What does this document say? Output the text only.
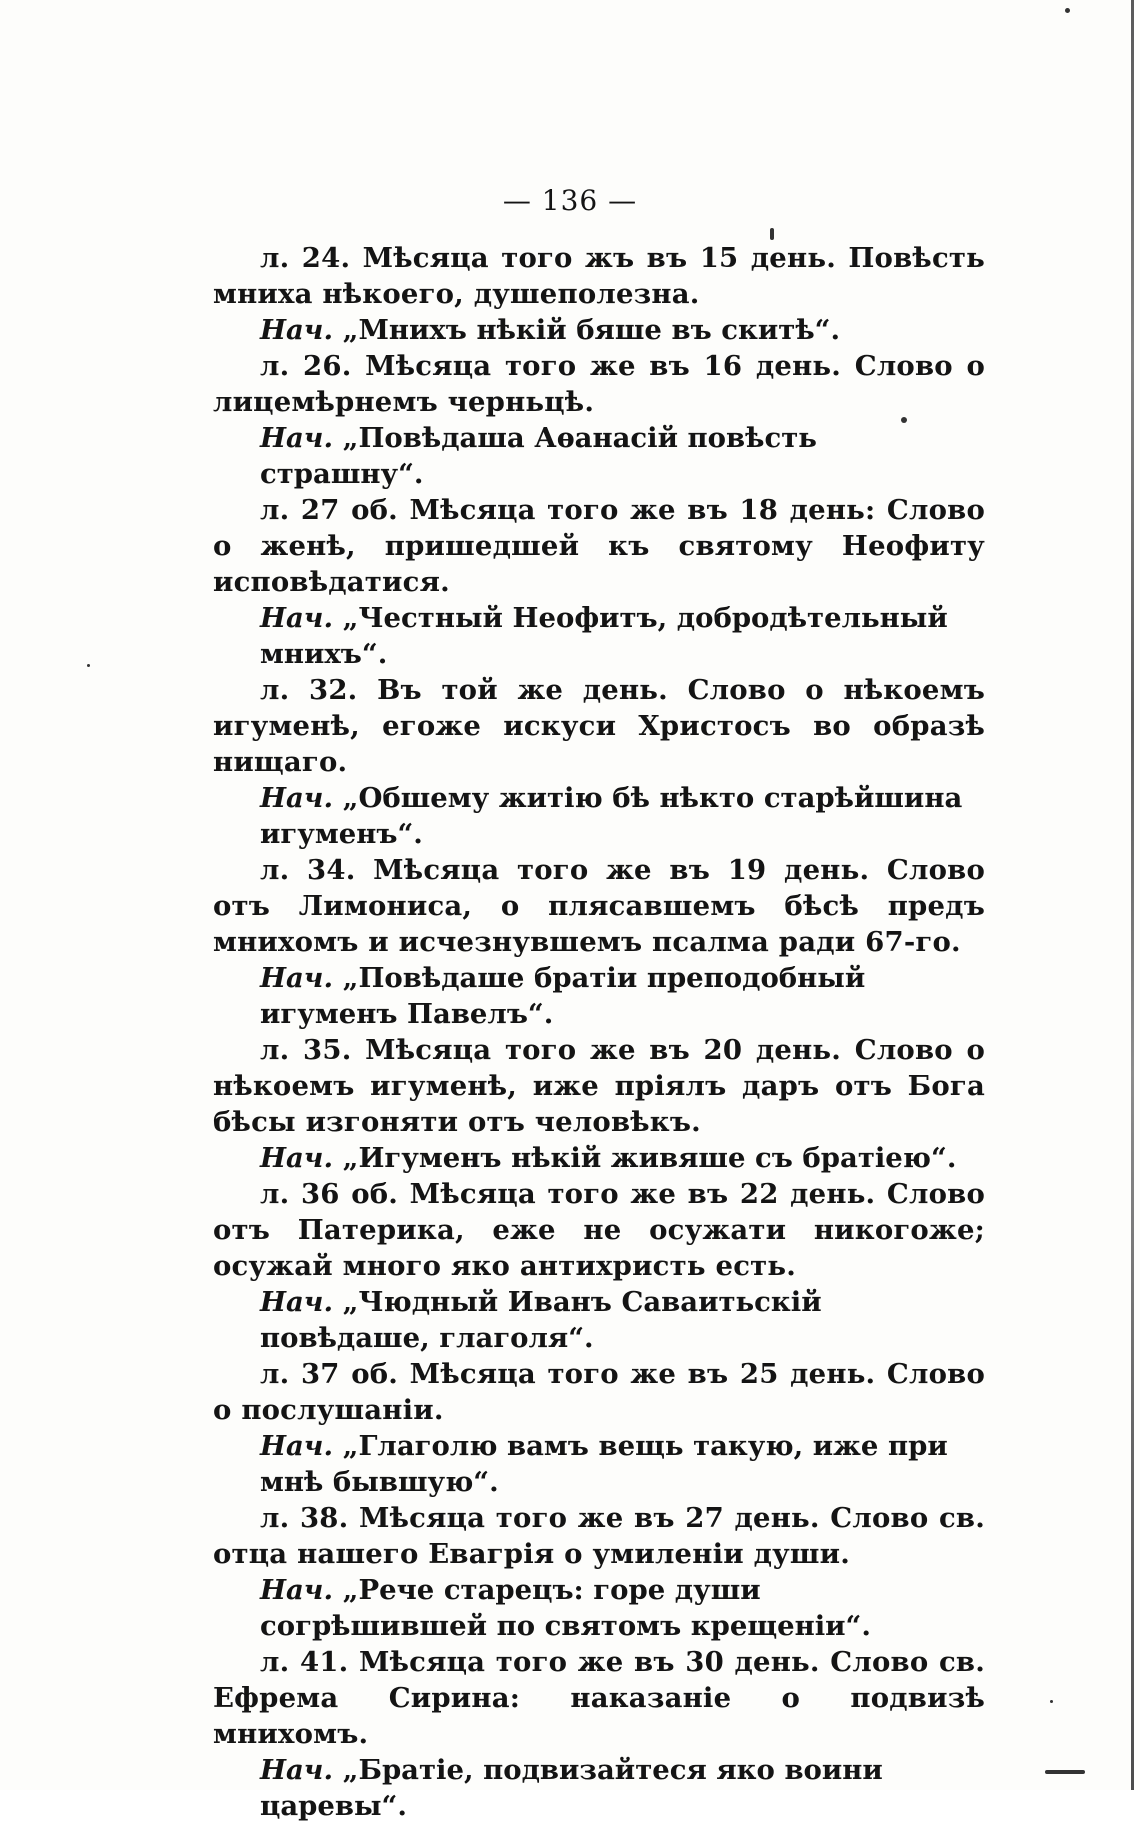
— 136 —

л. 24. Мѣсяца того жъ въ 15 день. Повѣсть мниха нѣкоего, душеполезна.

Нач. „Мнихъ нѣкій бяше въ скитѣ“.

л. 26. Мѣсяца того же въ 16 день. Слово о лицемѣрнемъ черньцѣ.

Нач. „Повѣдаша Аѳанасій повѣсть страшну“.

л. 27 об. Мѣсяца того же въ 18 день: Слово о женѣ, пришедшей къ святому Неофиту исповѣдатися.

Нач. „Честный Неофитъ, добродѣтельный мнихъ“.

л. 32. Въ той же день. Слово о нѣкоемъ игуменѣ, егоже искуси Христосъ во образѣ нищаго.

Нач. „Обшему житію бѣ нѣкто старѣйшина игуменъ“.

л. 34. Мѣсяца того же въ 19 день. Слово отъ Лимониса, о плясавшемъ бѣсѣ предъ мнихомъ и исчезнувшемъ псалма ради 67-го.

Нач. „Повѣдаше братіи преподобный игуменъ Павелъ“.

л. 35. Мѣсяца того же въ 20 день. Слово о нѣкоемъ игуменѣ, иже пріялъ даръ отъ Бога бѣсы изгоняти отъ человѣкъ.

Нач. „Игуменъ нѣкій живяше съ братіею“.

л. 36 об. Мѣсяца того же въ 22 день. Слово отъ Патерика, еже не осужати никогоже; осужай много яко антихристь есть.

Нач. „Чюдный Иванъ Саваитьскій повѣдаше, глаголя“.

л. 37 об. Мѣсяца того же въ 25 день. Слово о послушаніи.

Нач. „Глаголю вамъ вещь такую, иже при мнѣ бывшую“.

л. 38. Мѣсяца того же въ 27 день. Слово св. отца нашего Евагрія о умиленіи души.

Нач. „Рече старецъ: горе души согрѣшившей по святомъ крещеніи“.

л. 41. Мѣсяца того же въ 30 день. Слово св. Ефрема Сирина: наказаніе о подвизѣ мнихомъ.

Нач. „Братіе, подвизайтеся яко воини царевы“.
